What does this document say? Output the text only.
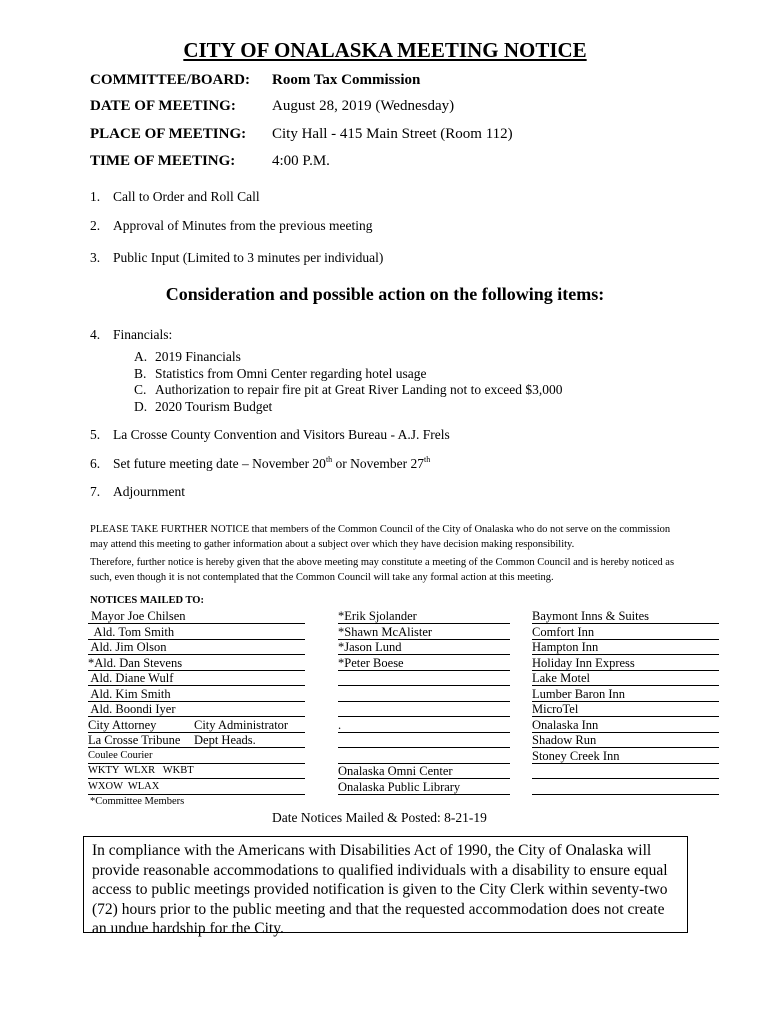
CITY OF ONALASKA MEETING NOTICE
COMMITTEE/BOARD: Room Tax Commission
DATE OF MEETING: August 28, 2019 (Wednesday)
PLACE OF MEETING: City Hall - 415 Main Street (Room 112)
TIME OF MEETING: 4:00 P.M.
1. Call to Order and Roll Call
2. Approval of Minutes from the previous meeting
3. Public Input (Limited to 3 minutes per individual)
Consideration and possible action on the following items:
4. Financials:
A. 2019 Financials
B. Statistics from Omni Center regarding hotel usage
C. Authorization to repair fire pit at Great River Landing not to exceed $3,000
D. 2020 Tourism Budget
5. La Crosse County Convention and Visitors Bureau - A.J. Frels
6. Set future meeting date – November 20th or November 27th
7. Adjournment
PLEASE TAKE FURTHER NOTICE that members of the Common Council of the City of Onalaska who do not serve on the commission may attend this meeting to gather information about a subject over which they have decision making responsibility.
Therefore, further notice is hereby given that the above meeting may constitute a meeting of the Common Council and is hereby noticed as such, even though it is not contemplated that the Common Council will take any formal action at this meeting.
NOTICES MAILED TO:
Mayor Joe Chilsen
Ald. Tom Smith
Ald. Jim Olson
*Ald. Dan Stevens
Ald. Diane Wulf
Ald. Kim Smith
Ald. Boondi Iyer
City Attorney	City Administrator
La Crosse Tribune Dept Heads.
Coulee Courier
WKTY  WLXR   WKBT
WXOW  WLAX
*Erik Sjolander
*Shawn McAlister
*Jason Lund
*Peter Boese
.
Onalaska Omni Center
Onalaska Public Library
Baymont Inns & Suites
Comfort Inn
Hampton Inn
Holiday Inn Express
Lake Motel
Lumber Baron Inn
MicroTel
Onalaska Inn
Shadow Run
Stoney Creek Inn
*Committee Members
Date Notices Mailed & Posted: 8-21-19
In compliance with the Americans with Disabilities Act of 1990, the City of Onalaska will provide reasonable accommodations to qualified individuals with a disability to ensure equal access to public meetings provided notification is given to the City Clerk within seventy-two (72) hours prior to the public meeting and that the requested accommodation does not create an undue hardship for the City.
